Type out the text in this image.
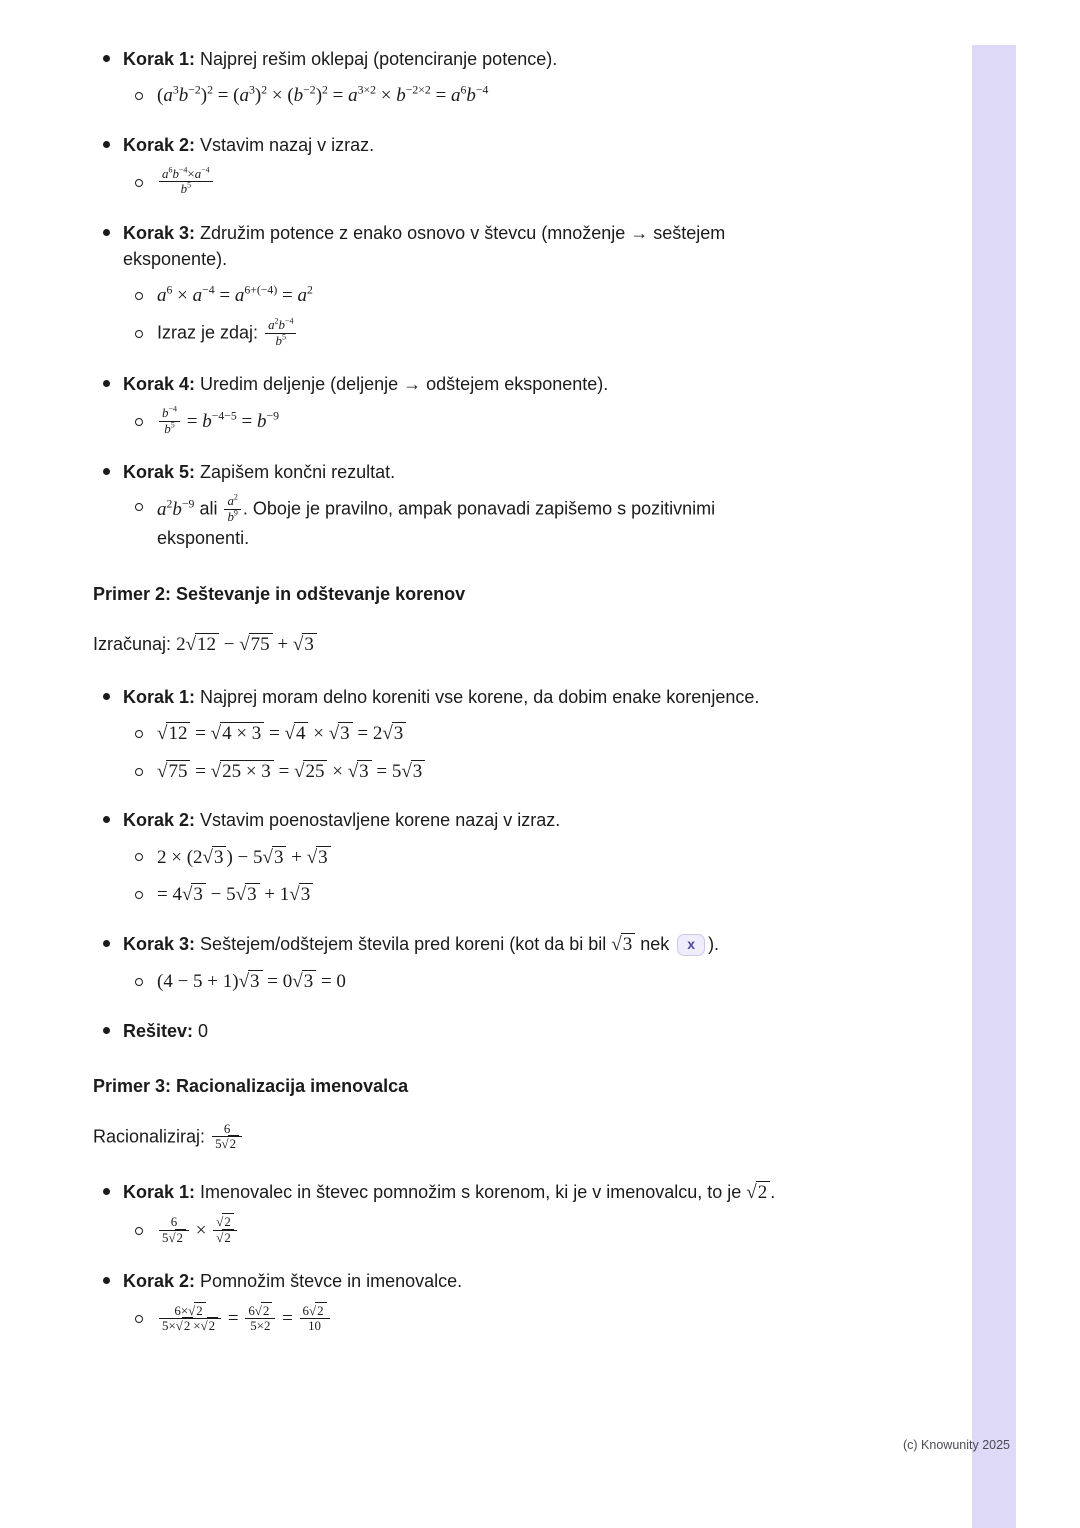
Korak 1: Najprej rešim oklepaj (potenciranje potence).

$(a^3b^{-2})^2 = (a^3)^2 \times (b^{-2})^2 = a^{3\times 2} \times b^{-2\times 2} = a^6b^{-4}$

Korak 2: Vstavim nazaj v izraz.

$\frac{a^6b^{-4}\times a^{-4}}{b^5}$

Korak 3: Združim potence z enako osnovo v števcu (množenje → seštejem eksponente).

$a^6 \times a^{-4} = a^{6+(-4)} = a^2$
Izraz je zdaj: $\frac{a^2b^{-4}}{b^5}$

Korak 4: Uredim deljenje (deljenje → odštejem eksponente).

$\frac{b^{-4}}{b^5} = b^{-4-5} = b^{-9}$

Korak 5: Zapišem končni rezultat.

$a^2b^{-9}$ ali $\frac{a^2}{b^9}$ . Oboje je pravilno, ampak ponavadi zapišemo s pozitivnimi eksponenti.
Primer 2: Seštevanje in odštevanje korenov

Izračunaj: 2√12 − √75 + √3

Korak 1: Najprej moram delno koreniti vse korene, da dobim enake korenjence.

√12 = √4 × 3 = √4 × √3 = 2√3
√75 = √25 × 3 = √25 × √3 = 5√3

Korak 2: Vstavim poenostavljene korene nazaj v izraz.

2 × (2√3 ) − 5√3 + √3
= 4√3 − 5√3 + 1√3

Korak 3: Seštejem/odštejem števila pred koreni (kot da bi bil √3 nek x ).

(4 − 5 + 1)√3 = 0√3 = 0

Rešitev: 0

Primer 3: Racionalizacija imenovalca

Racionaliziraj: $\frac{6}{5√2}$

Korak 1: Imenovalec in števec pomnožim s korenom, ki je v imenovalcu, to je √2 .

$\frac{6}{5√2} \times \frac{√2}{√2}$

Korak 2: Pomnožim števce in imenovalce.

$\frac{6\times√2}{5\times√2 \times√2} = \frac{6√2}{5\times 2} = \frac{6√2}{10}$
(c) Knowunity 2025
